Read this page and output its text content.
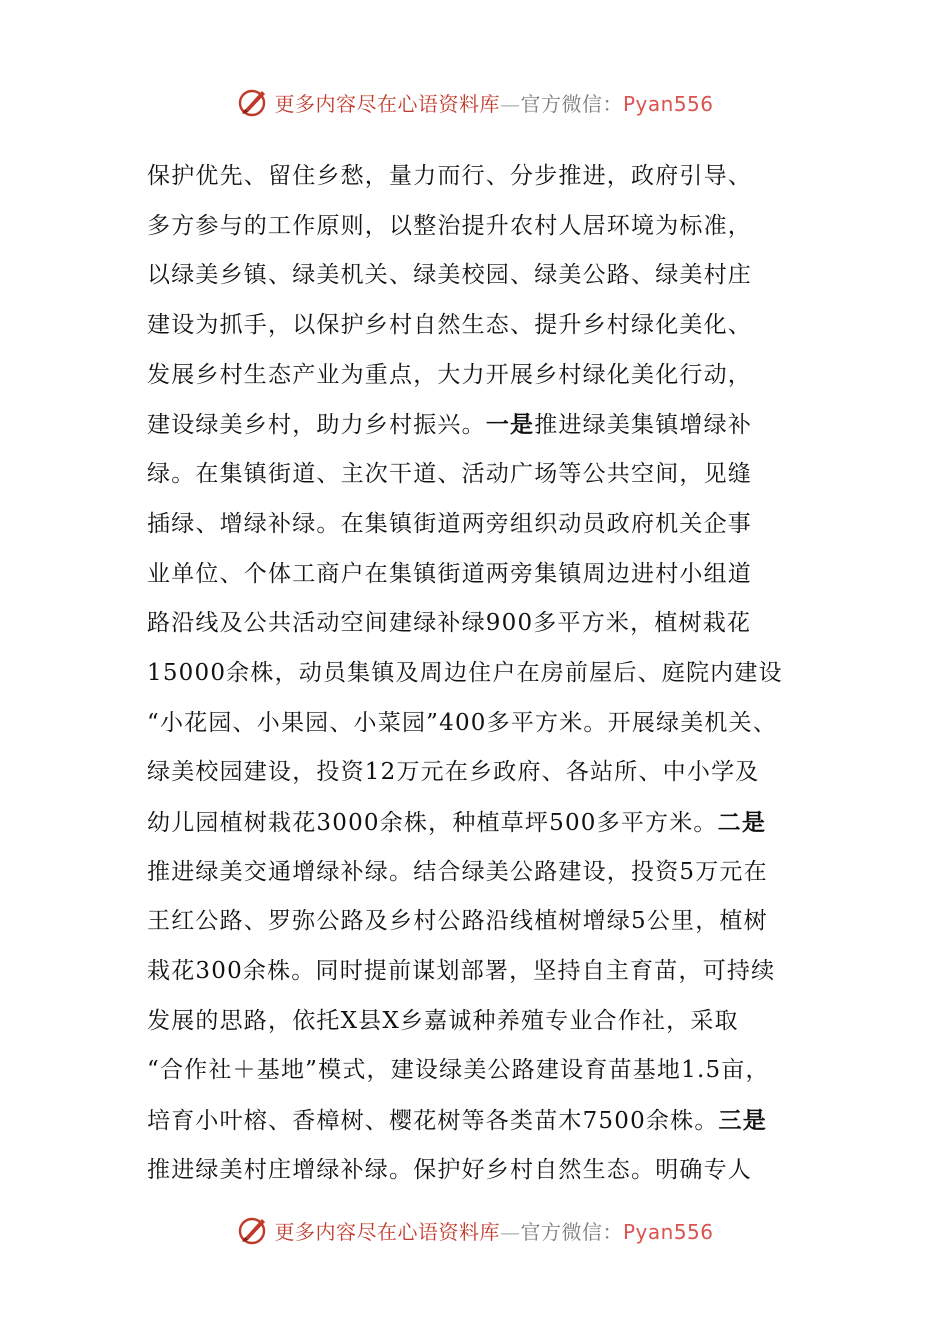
更多内容尽在心语资料库—官方微信：Pyan556
保护优先、留住乡愁，量力而行、分步推进，政府引导、
多方参与的工作原则，以整治提升农村人居环境为标准，
以绿美乡镇、绿美机关、绿美校园、绿美公路、绿美村庄
建设为抓手，以保护乡村自然生态、提升乡村绿化美化、
发展乡村生态产业为重点，大力开展乡村绿化美化行动，
建设绿美乡村，助力乡村振兴。一是推进绿美集镇增绿补
绿。在集镇街道、主次干道、活动广场等公共空间，见缝
插绿、增绿补绿。在集镇街道两旁组织动员政府机关企事
业单位、个体工商户在集镇街道两旁集镇周边进村小组道
路沿线及公共活动空间建绿补绿900多平方米，植树栽花
15000余株，动员集镇及周边住户在房前屋后、庭院内建设
“小花园、小果园、小菜园”400多平方米。开展绿美机关、
绿美校园建设，投资12万元在乡政府、各站所、中小学及
幼儿园植树栽花3000余株，种植草坪500多平方米。二是
推进绿美交通增绿补绿。结合绿美公路建设，投资5万元在
王红公路、罗弥公路及乡村公路沿线植树增绿5公里，植树
栽花300余株。同时提前谋划部署，坚持自主育苗，可持续
发展的思路，依托X县X乡嘉诚种养殖专业合作社，采取
“合作社＋基地”模式，建设绿美公路建设育苗基地1.5亩，
培育小叶榕、香樟树、樱花树等各类苗木7500余株。三是
推进绿美村庄增绿补绿。保护好乡村自然生态。明确专人
更多内容尽在心语资料库—官方微信：Pyan556
